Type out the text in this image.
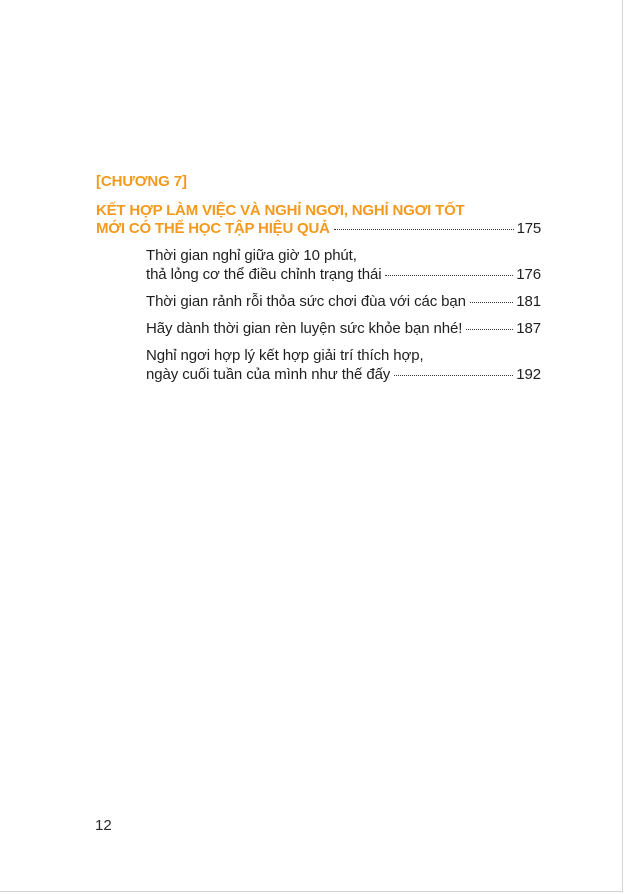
[CHƯƠNG 7]
KẾT HỢP LÀM VIỆC VÀ NGHỈ NGƠI, NGHỈ NGƠI TỐT
MỚI CÓ THỂ HỌC TẬP HIỆU QUẢ	175
Thời gian nghỉ giữa giờ 10 phút,
thả lỏng cơ thể điều chỉnh trạng thái	176
Thời gian rảnh rỗi thỏa sức chơi đùa với các bạn	181
Hãy dành thời gian rèn luyện sức khỏe bạn nhé!	187
Nghỉ ngơi hợp lý kết hợp giải trí thích hợp,
ngày cuối tuần của mình như thế đấy	192
12
